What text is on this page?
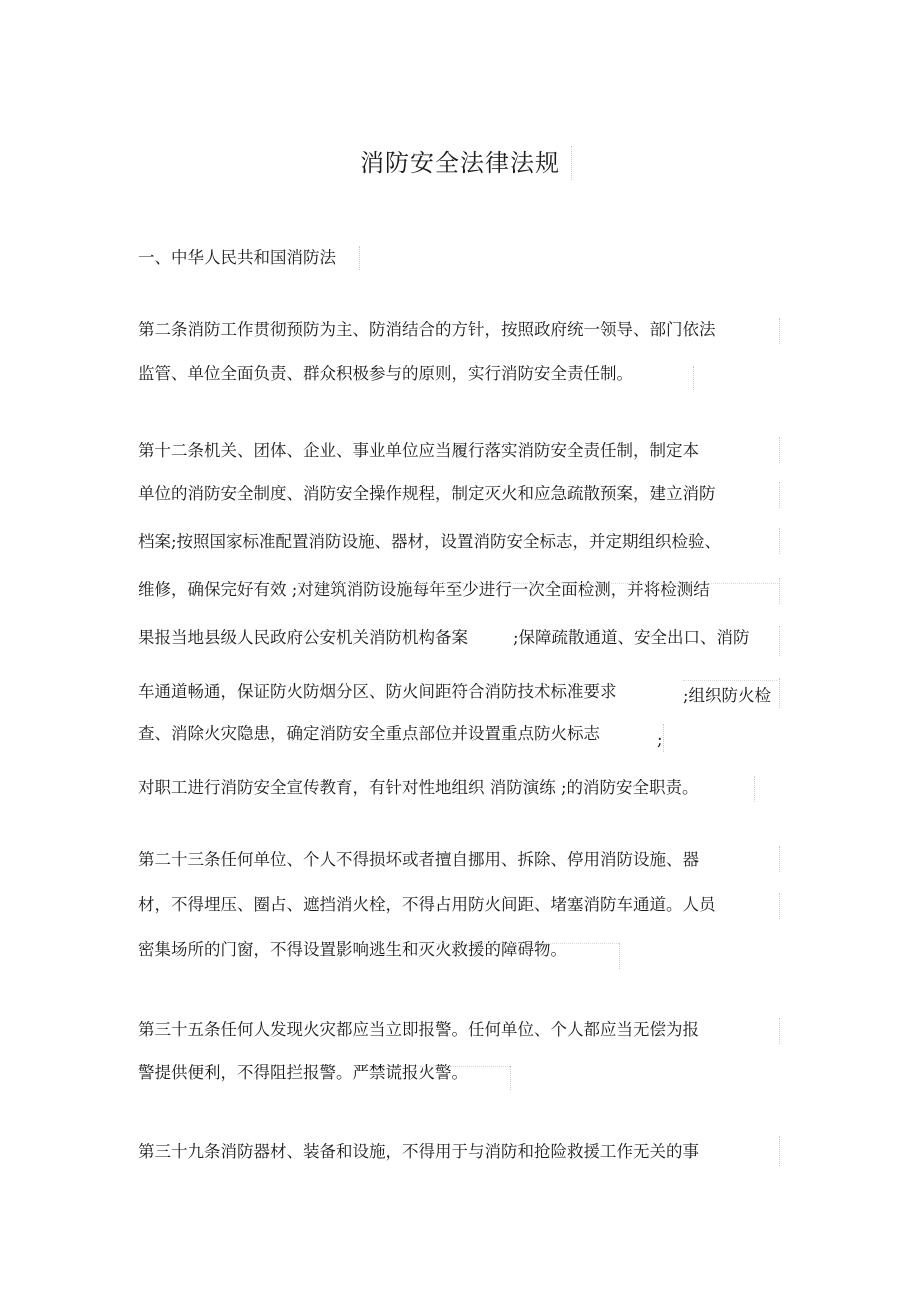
消防安全法律法规
一、中华人民共和国消防法
第二条消防工作贯彻预防为主、防消结合的方针，按照政府统一领导、部门依法
监管、单位全面负责、群众积极参与的原则，实行消防安全责任制。
第十二条机关、团体、企业、事业单位应当履行落实消防安全责任制，制定本
单位的消防安全制度、消防安全操作规程，制定灭火和应急疏散预案，建立消防
档案;按照国家标准配置消防设施、器材，设置消防安全标志，并定期组织检验、
维修，确保完好有效 ;对建筑消防设施每年至少进行一次全面检测，并将检测结
果报当地县级人民政府公安机关消防机构备案	;保障疏散通道、安全出口、消防
车通道畅通，保证防火防烟分区、防火间距符合消防技术标准要求	;组织防火检
查、消除火灾隐患，确定消防安全重点部位并设置重点防火标志	;
对职工进行消防安全宣传教育，有针对性地组织 消防演练 ;的消防安全职责。
第二十三条任何单位、个人不得损坏或者擅自挪用、拆除、停用消防设施、器
材，不得埋压、圈占、遮挡消火栓，不得占用防火间距、堵塞消防车通道。人员
密集场所的门窗，不得设置影响逃生和灭火救援的障碍物。
第三十五条任何人发现火灾都应当立即报警。任何单位、个人都应当无偿为报
警提供便利，不得阻拦报警。严禁谎报火警。
第三十九条消防器材、装备和设施，不得用于与消防和抢险救援工作无关的事
